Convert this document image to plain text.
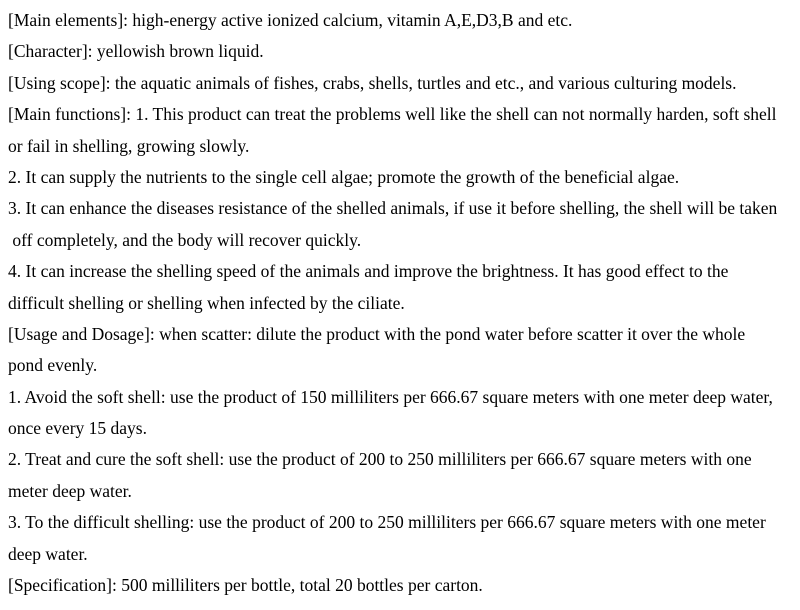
[Main elements]: high-energy active ionized calcium, vitamin A,E,D3,B and etc.
[Character]: yellowish brown liquid.
[Using scope]: the aquatic animals of fishes, crabs, shells, turtles and etc., and various culturing models.
[Main functions]: 1. This product can treat the problems well like the shell can not normally harden, soft shell
or fail in shelling, growing slowly.
2. It can supply the nutrients to the single cell algae; promote the growth of the beneficial algae.
3. It can enhance the diseases resistance of the shelled animals, if use it before shelling, the shell will be taken
off completely, and the body will recover quickly.
4. It can increase the shelling speed of the animals and improve the brightness. It has good effect to the
difficult shelling or shelling when infected by the ciliate.
[Usage and Dosage]: when scatter: dilute the product with the pond water before scatter it over the whole
pond evenly.
1. Avoid the soft shell: use the product of 150 milliliters per 666.67 square meters with one meter deep water,
once every 15 days.
2. Treat and cure the soft shell: use the product of 200 to 250 milliliters per 666.67 square meters with one
meter deep water.
3. To the difficult shelling: use the product of 200 to 250 milliliters per 666.67 square meters with one meter
deep water.
[Specification]: 500 milliliters per bottle, total 20 bottles per carton.
